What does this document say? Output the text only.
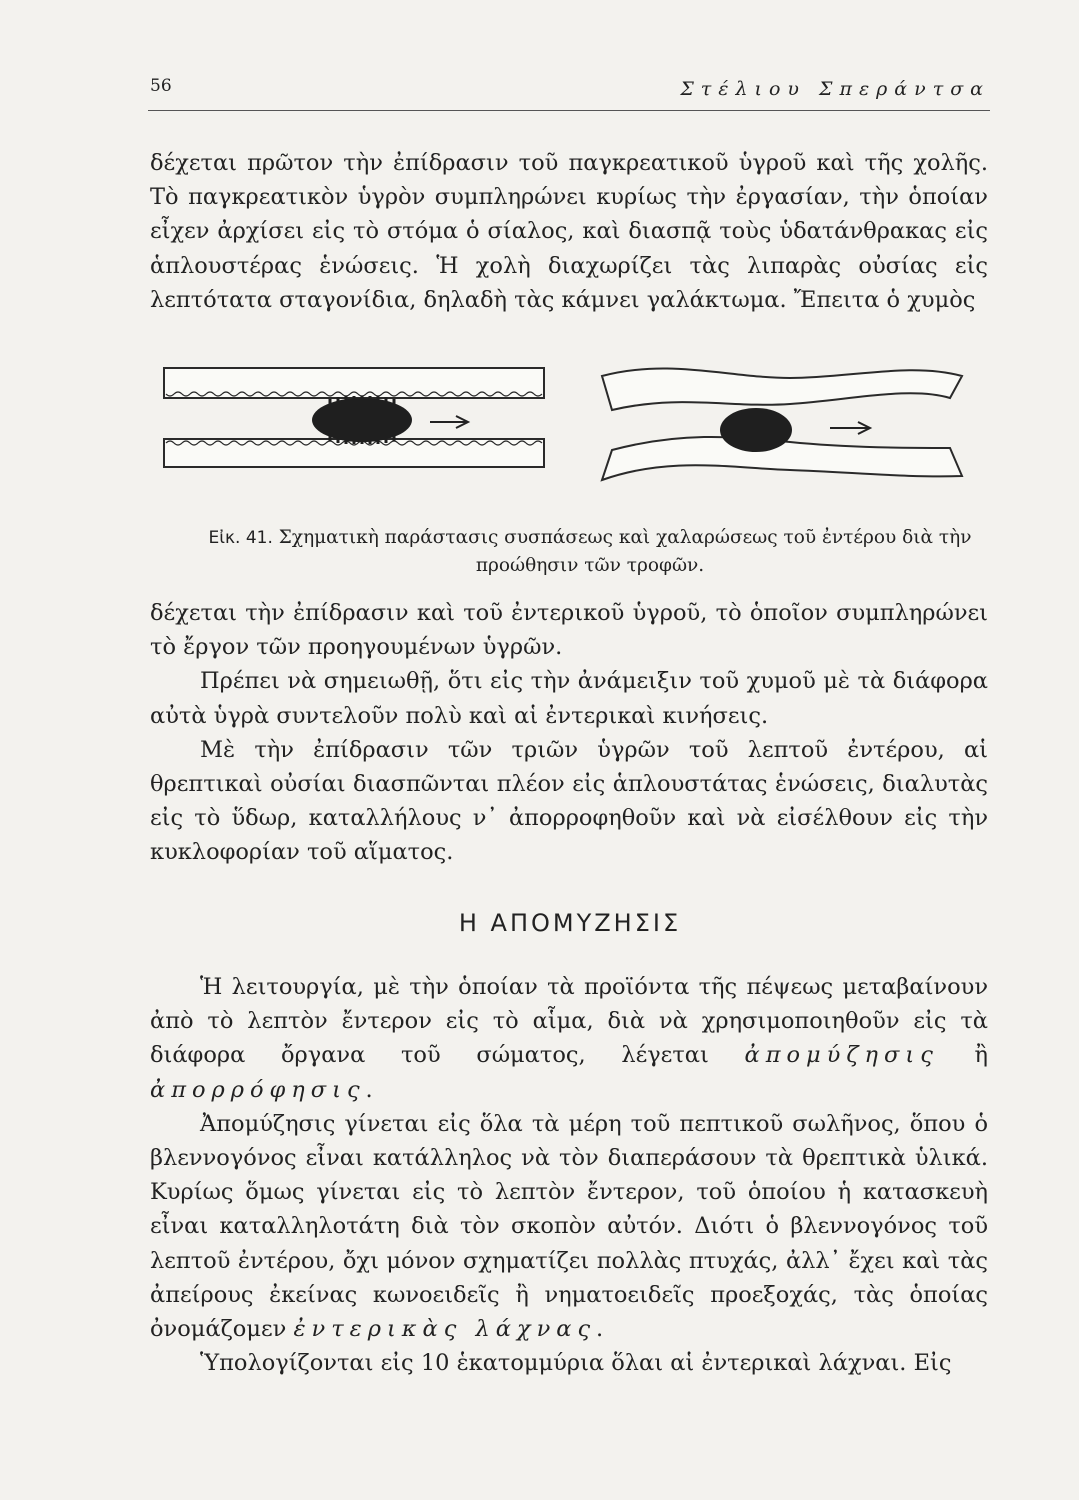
56	Στέλιου Σπεράντσα

δέχεται πρῶτον τὴν ἐπίδρασιν τοῦ παγκρεατικοῦ ὑγροῦ καὶ τῆς χολῆς. Τὸ παγκρεατικὸν ὑγρὸν συμπληρώνει κυρίως τὴν ἐργασίαν, τὴν ὁποίαν εἶχεν ἀρχίσει εἰς τὸ στόμα ὁ σίαλος, καὶ διασπᾷ τοὺς ὑδατάνθρακας εἰς ἁπλουστέρας ἑνώσεις. Ἡ χολὴ διαχωρίζει τὰς λιπαρὰς οὐσίας εἰς λεπτότατα σταγονίδια, δηλαδὴ τὰς κάμνει γαλάκτωμα. Ἔπειτα ὁ χυμὸς

Εἰκ. 41. Σχηματικὴ παράστασις συσπάσεως καὶ χαλαρώσεως τοῦ ἐντέρου διὰ τὴν προώθησιν τῶν τροφῶν.

δέχεται τὴν ἐπίδρασιν καὶ τοῦ ἐντερικοῦ ὑγροῦ, τὸ ὁποῖον συμπληρώνει τὸ ἔργον τῶν προηγουμένων ὑγρῶν.

Πρέπει νὰ σημειωθῇ, ὅτι εἰς τὴν ἀνάμειξιν τοῦ χυμοῦ μὲ τὰ διάφορα αὐτὰ ὑγρὰ συντελοῦν πολὺ καὶ αἱ ἐντερικαὶ κινήσεις.

Μὲ τὴν ἐπίδρασιν τῶν τριῶν ὑγρῶν τοῦ λεπτοῦ ἐντέρου, αἱ θρεπτικαὶ οὐσίαι διασπῶνται πλέον εἰς ἁπλουστάτας ἑνώσεις, διαλυτὰς εἰς τὸ ὕδωρ, καταλλήλους ν᾽ ἀπορροφηθοῦν καὶ νὰ εἰσέλθουν εἰς τὴν κυκλοφορίαν τοῦ αἵματος.

Η ΑΠΟΜΥΖΗΣΙΣ

Ἡ λειτουργία, μὲ τὴν ὁποίαν τὰ προϊόντα τῆς πέψεως μεταβαίνουν ἀπὸ τὸ λεπτὸν ἔντερον εἰς τὸ αἷμα, διὰ νὰ χρησιμοποιηθοῦν εἰς τὰ διάφορα ὄργανα τοῦ σώματος, λέγεται ἀπομύζησις ἢ ἀπορρόφησις.

Ἀπομύζησις γίνεται εἰς ὅλα τὰ μέρη τοῦ πεπτικοῦ σωλῆνος, ὅπου ὁ βλεννογόνος εἶναι κατάλληλος νὰ τὸν διαπεράσουν τὰ θρεπτικὰ ὑλικά. Κυρίως ὅμως γίνεται εἰς τὸ λεπτὸν ἔντερον, τοῦ ὁποίου ἡ κατασκευὴ εἶναι καταλληλοτάτη διὰ τὸν σκοπὸν αὐτόν. Διότι ὁ βλεννογόνος τοῦ λεπτοῦ ἐντέρου, ὄχι μόνον σχηματίζει πολλὰς πτυχάς, ἀλλ᾽ ἔχει καὶ τὰς ἀπείρους ἐκείνας κωνοειδεῖς ἢ νηματοειδεῖς προεξοχάς, τὰς ὁποίας ὀνομάζομεν ἐντερικὰς λάχνας.

Ὑπολογίζονται εἰς 10 ἑκατομμύρια ὅλαι αἱ ἐντερικαὶ λάχναι. Εἰς
